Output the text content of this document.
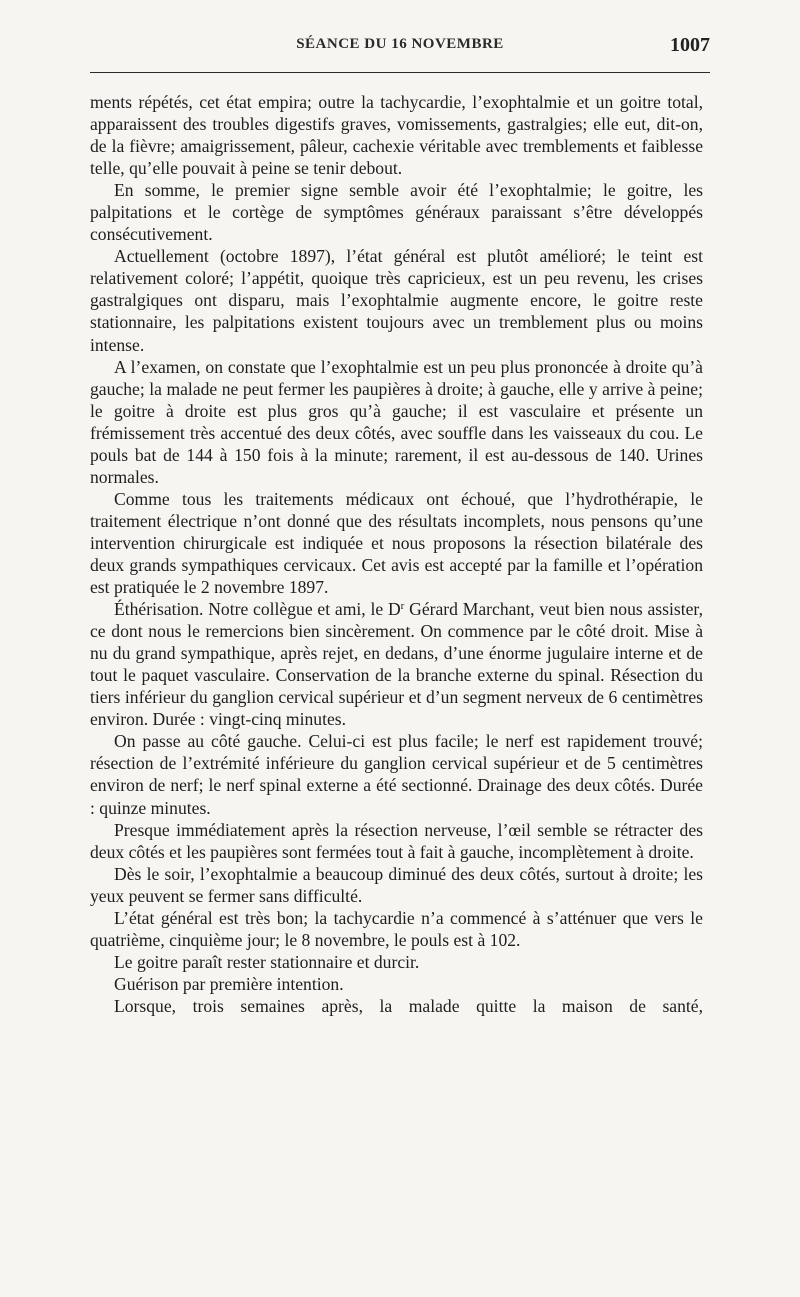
SÉANCE DU 16 NOVEMBRE	1007

ments répétés, cet état empira; outre la tachycardie, l’exophtalmie et un goitre total, apparaissent des troubles digestifs graves, vomissements, gastralgies; elle eut, dit-on, de la fièvre; amaigrissement, pâleur, cachexie véritable avec tremblements et faiblesse telle, qu’elle pouvait à peine se tenir debout.

En somme, le premier signe semble avoir été l’exophtalmie; le goitre, les palpitations et le cortège de symptômes généraux paraissant s’être développés consécutivement.

Actuellement (octobre 1897), l’état général est plutôt amélioré; le teint est relativement coloré; l’appétit, quoique très capricieux, est un peu revenu, les crises gastralgiques ont disparu, mais l’exophtalmie augmente encore, le goitre reste stationnaire, les palpitations existent toujours avec un tremblement plus ou moins intense.

A l’examen, on constate que l’exophtalmie est un peu plus prononcée à droite qu’à gauche; la malade ne peut fermer les paupières à droite; à gauche, elle y arrive à peine; le goitre à droite est plus gros qu’à gauche; il est vasculaire et présente un frémissement très accentué des deux côtés, avec souffle dans les vaisseaux du cou. Le pouls bat de 144 à 150 fois à la minute; rarement, il est au-dessous de 140. Urines normales.

Comme tous les traitements médicaux ont échoué, que l’hydrothérapie, le traitement électrique n’ont donné que des résultats incomplets, nous pensons qu’une intervention chirurgicale est indiquée et nous proposons la résection bilatérale des deux grands sympathiques cervicaux. Cet avis est accepté par la famille et l’opération est pratiquée le 2 novembre 1897.

Éthérisation. Notre collègue et ami, le $D^r$ Gérard Marchant, veut bien nous assister, ce dont nous le remercions bien sincèrement. On commence par le côté droit. Mise à nu du grand sympathique, après rejet, en dedans, d’une énorme jugulaire interne et de tout le paquet vasculaire. Conservation de la branche externe du spinal. Résection du tiers inférieur du ganglion cervical supérieur et d’un segment nerveux de 6 centimètres environ. Durée : vingt-cinq minutes.

On passe au côté gauche. Celui-ci est plus facile; le nerf est rapidement trouvé; résection de l’extrémité inférieure du ganglion cervical supérieur et de 5 centimètres environ de nerf; le nerf spinal externe a été sectionné. Drainage des deux côtés. Durée : quinze minutes.

Presque immédiatement après la résection nerveuse, l’œil semble se rétracter des deux côtés et les paupières sont fermées tout à fait à gauche, incomplètement à droite.

Dès le soir, l’exophtalmie a beaucoup diminué des deux côtés, surtout à droite; les yeux peuvent se fermer sans difficulté.

L’état général est très bon; la tachycardie n’a commencé à s’atténuer que vers le quatrième, cinquième jour; le 8 novembre, le pouls est à 102.

Le goitre paraît rester stationnaire et durcir.

Guérison par première intention.

Lorsque, trois semaines après, la malade quitte la maison de santé,
